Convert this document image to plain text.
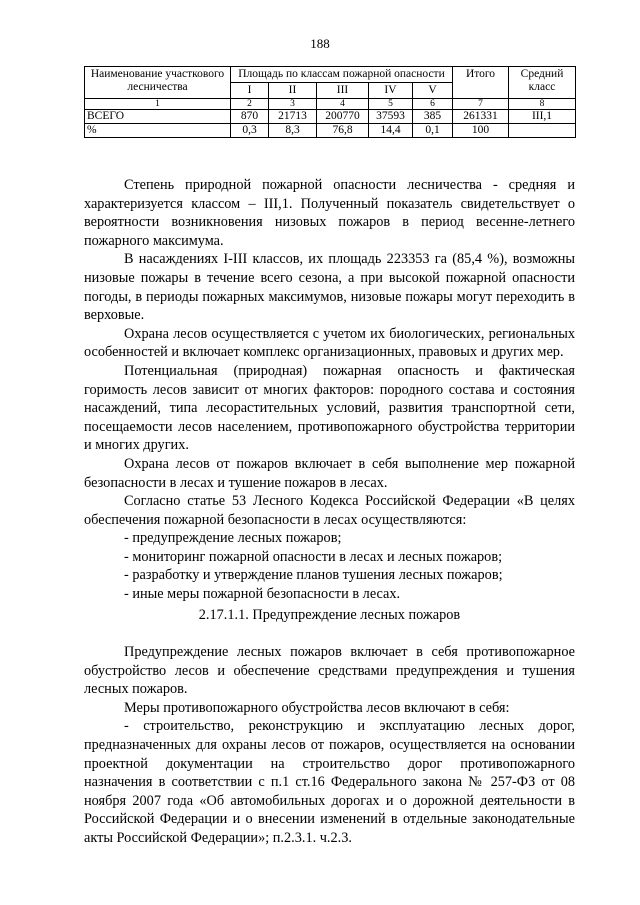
188
Наименование участкового лесничества	Площадь по классам пожарной опасности					Итого	Средний класс
	I	II	III	IV	V		
1	2	3	4	5	6	7	8
ВСЕГО	870	21713	200770	37593	385	261331	III,1
%	0,3	8,3	76,8	14,4	0,1	100	

Степень природной пожарной опасности лесничества - средняя и характеризуется классом – III,1. Полученный показатель свидетельствует о вероятности возникновения низовых пожаров в период весенне-летнего пожарного максимума.

В насаждениях I-III классов, их площадь 223353 га (85,4 %), возможны низовые пожары в течение всего сезона, а при высокой пожарной опасности погоды, в периоды пожарных максимумов, низовые пожары могут переходить в верховые.

Охрана лесов осуществляется с учетом их биологических, региональных особенностей и включает комплекс организационных, правовых и других мер.

Потенциальная (природная) пожарная опасность и фактическая горимость лесов зависит от многих факторов: породного состава и состояния насаждений, типа лесорастительных условий, развития транспортной сети, посещаемости лесов населением, противопожарного обустройства территории и многих других.

Охрана лесов от пожаров включает в себя выполнение мер пожарной безопасности в лесах и тушение пожаров в лесах.

Согласно статье 53 Лесного Кодекса Российской Федерации «В целях обеспечения пожарной безопасности в лесах осуществляются:

- предупреждение лесных пожаров;

- мониторинг пожарной опасности в лесах и лесных пожаров;

- разработку и утверждение планов тушения лесных пожаров;

- иные меры пожарной безопасности в лесах.

2.17.1.1. Предупреждение лесных пожаров

Предупреждение лесных пожаров включает в себя противопожарное обустройство лесов и обеспечение средствами предупреждения и тушения лесных пожаров.

Меры противопожарного обустройства лесов включают в себя:

- строительство, реконструкцию и эксплуатацию лесных дорог, предназначенных для охраны лесов от пожаров, осуществляется на основании проектной документации на строительство дорог противопожарного назначения в соответствии с п.1 ст.16 Федерального закона № 257-ФЗ от 08 ноября 2007 года «Об автомобильных дорогах и о дорожной деятельности в Российской Федерации и о внесении изменений в отдельные законодательные акты Российской Федерации»; п.2.3.1. ч.2.3.
